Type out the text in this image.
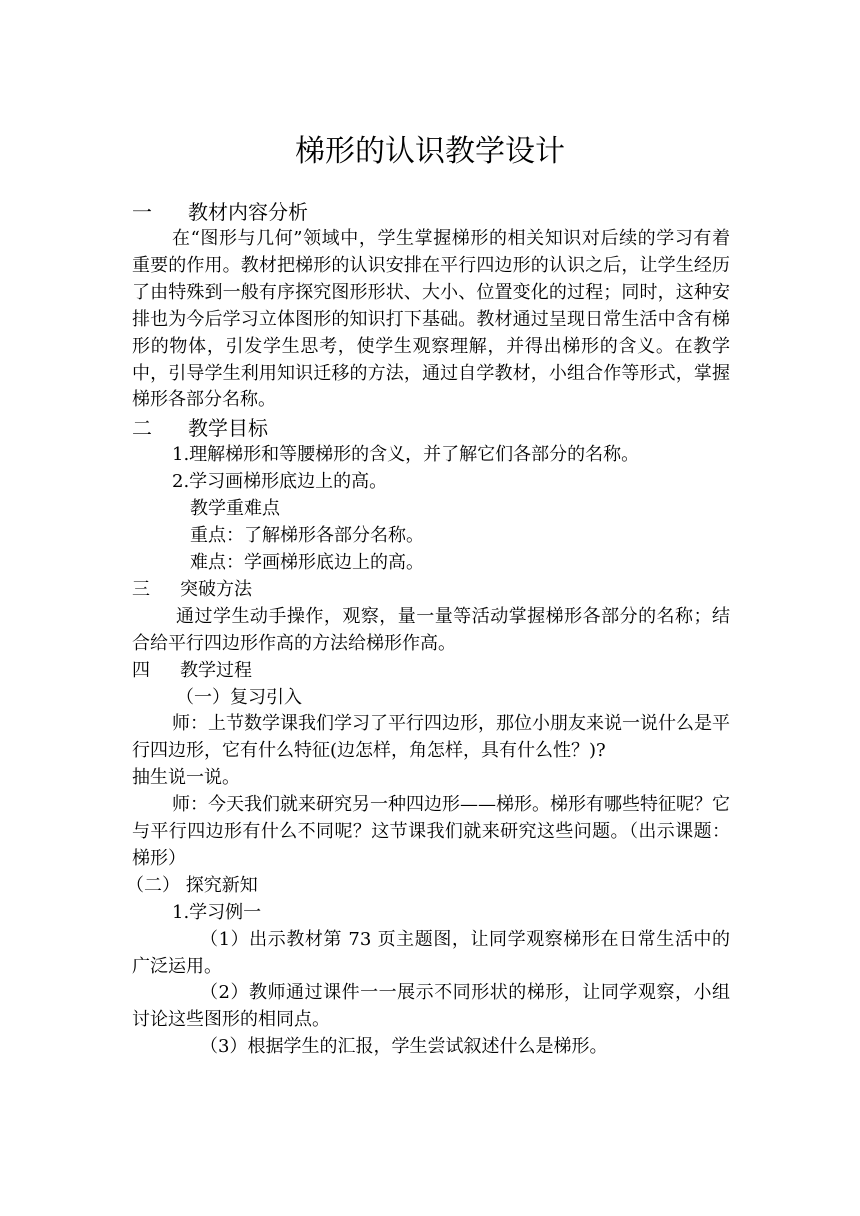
梯形的认识教学设计

一 教材内容分析

在“图形与几何”领域中，学生掌握梯形的相关知识对后续的学习有着重要的作用。教材把梯形的认识安排在平行四边形的认识之后，让学生经历了由特殊到一般有序探究图形形状、大小、位置变化的过程；同时，这种安排也为今后学习立体图形的知识打下基础。教材通过呈现日常生活中含有梯形的物体，引发学生思考，使学生观察理解，并得出梯形的含义。在教学中，引导学生利用知识迁移的方法，通过自学教材，小组合作等形式，掌握梯形各部分名称。

二 教学目标

1.理解梯形和等腰梯形的含义，并了解它们各部分的名称。

2.学习画梯形底边上的高。

教学重难点

重点：了解梯形各部分名称。

难点：学画梯形底边上的高。

三 突破方法

通过学生动手操作，观察，量一量等活动掌握梯形各部分的名称；结合给平行四边形作高的方法给梯形作高。

四 教学过程

（一）复习引入

师：上节数学课我们学习了平行四边形，那位小朋友来说一说什么是平行四边形，它有什么特征(边怎样，角怎样，具有什么性？)?

抽生说一说。

师：今天我们就来研究另一种四边形——梯形。梯形有哪些特征呢？它与平行四边形有什么不同呢？这节课我们就来研究这些问题。（出示课题：梯形）

（二） 探究新知

1.学习例一

（1）出示教材第 73 页主题图，让同学观察梯形在日常生活中的广泛运用。

（2）教师通过课件一一展示不同形状的梯形，让同学观察，小组讨论这些图形的相同点。

（3）根据学生的汇报，学生尝试叙述什么是梯形。
